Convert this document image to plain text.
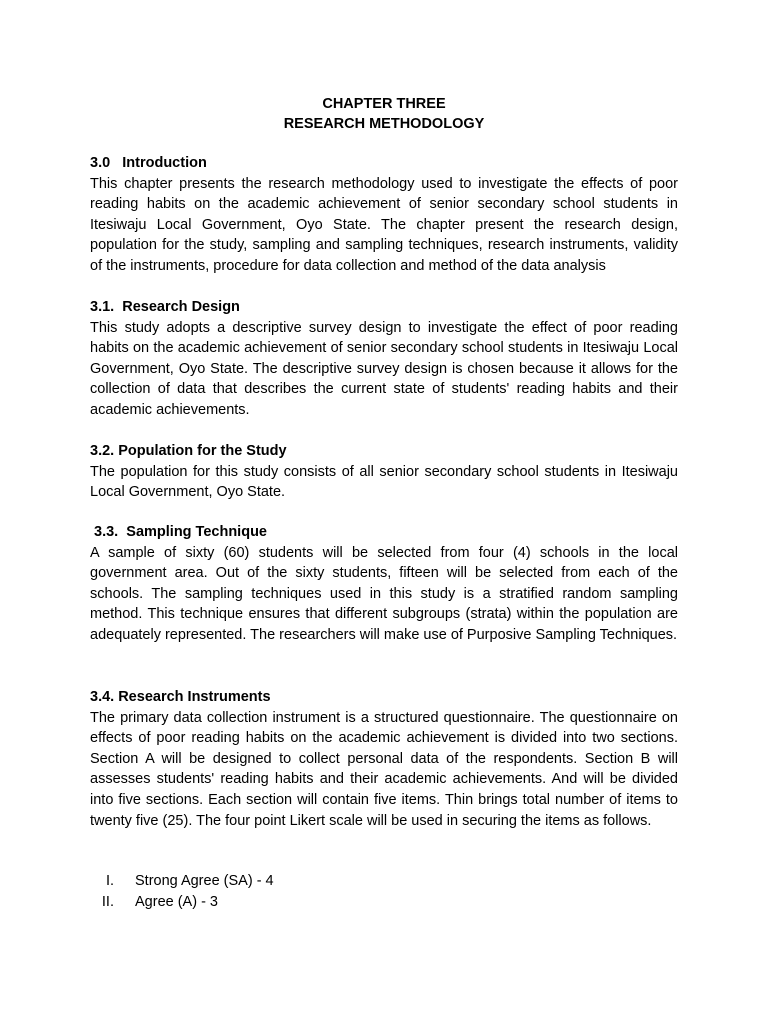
CHAPTER THREE
RESEARCH METHODOLOGY
3.0   Introduction

This chapter presents the research methodology used to investigate the effects of poor reading habits on the academic achievement of senior secondary school students in Itesiwaju Local Government, Oyo State. The chapter present the research design, population for the study, sampling and sampling techniques, research instruments, validity of the instruments, procedure for data collection and method of the data analysis

3.1.  Research Design

This study adopts a descriptive survey design to investigate the effect of poor reading habits on the academic achievement of senior secondary school students in Itesiwaju Local Government, Oyo State. The descriptive survey design is chosen because it allows for the collection of data that describes the current state of students' reading habits and their academic achievements.

3.2. Population for the Study

The population for this study consists of all senior secondary school students in Itesiwaju Local Government, Oyo State.

3.3.  Sampling Technique

A sample of sixty (60) students will be selected from four (4) schools in the local government area. Out of the sixty students, fifteen will be selected from each of the schools. The sampling techniques used in this study is a stratified random sampling method. This technique ensures that different subgroups (strata) within the population are adequately represented. The researchers will make use of Purposive Sampling Techniques.

3.4. Research Instruments

The primary data collection instrument is a structured questionnaire. The questionnaire on effects of poor reading habits on the academic achievement is divided into two sections. Section A will be designed to collect personal data of the respondents. Section B will assesses students' reading habits and their academic achievements. And will be divided into five sections. Each section will contain five items. Thin brings total number of items to twenty five (25). The four point Likert scale will be used in securing the items as follows.

I. Strong Agree (SA) - 4
II. Agree (A) - 3
